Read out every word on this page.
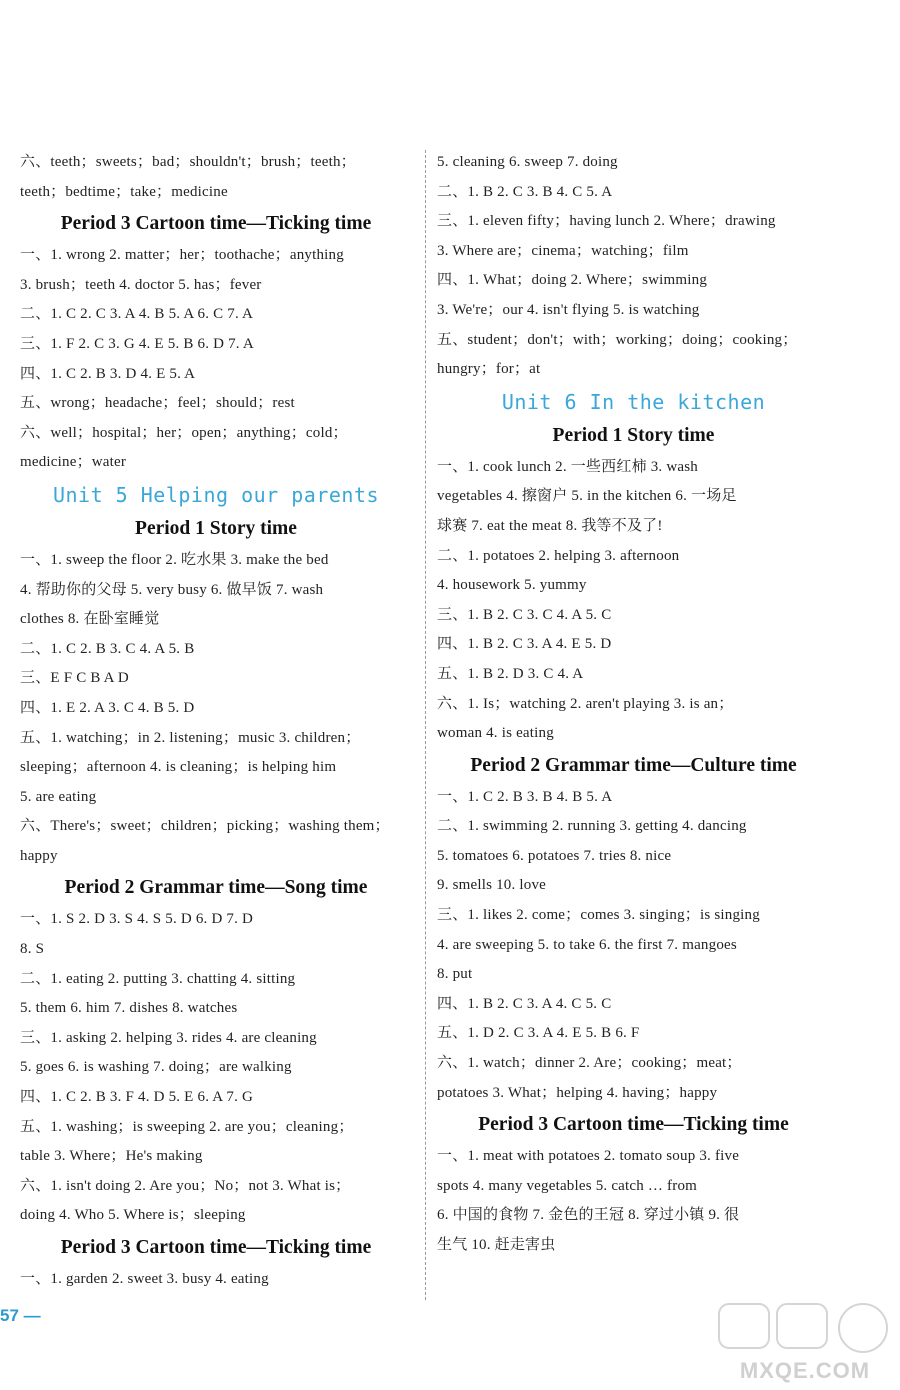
六、teeth；sweets；bad；shouldn't；brush；teeth；
teeth；bedtime；take；medicine
Period 3 Cartoon time—Ticking time
一、1. wrong 2. matter；her；toothache；anything
3. brush；teeth 4. doctor 5. has；fever
二、1. C 2. C 3. A 4. B 5. A 6. C 7. A
三、1. F 2. C 3. G 4. E 5. B 6. D 7. A
四、1. C 2. B 3. D 4. E 5. A
五、wrong；headache；feel；should；rest
六、well；hospital；her；open；anything；cold；
medicine；water
Unit 5 Helping our parents
Period 1 Story time
一、1. sweep the floor 2. 吃水果 3. make the bed
4. 帮助你的父母 5. very busy 6. 做早饭 7. wash
clothes 8. 在卧室睡觉
二、1. C 2. B 3. C 4. A 5. B
三、E F C B A D
四、1. E 2. A 3. C 4. B 5. D
五、1. watching；in 2. listening；music 3. children；
sleeping；afternoon 4. is cleaning；is helping him
5. are eating
六、There's；sweet；children；picking；washing them；
happy
Period 2 Grammar time—Song time
一、1. S 2. D 3. S 4. S 5. D 6. D 7. D
8. S
二、1. eating 2. putting 3. chatting 4. sitting
5. them 6. him 7. dishes 8. watches
三、1. asking 2. helping 3. rides 4. are cleaning
5. goes 6. is washing 7. doing；are walking
四、1. C 2. B 3. F 4. D 5. E 6. A 7. G
五、1. washing；is sweeping 2. are you；cleaning；
table 3. Where；He's making
六、1. isn't doing 2. Are you；No；not 3. What is；
doing 4. Who 5. Where is；sleeping
Period 3 Cartoon time—Ticking time
一、1. garden 2. sweet 3. busy 4. eating
5. cleaning 6. sweep 7. doing
二、1. B 2. C 3. B 4. C 5. A
三、1. eleven fifty；having lunch 2. Where；drawing
3. Where are；cinema；watching；film
四、1. What；doing 2. Where；swimming
3. We're；our 4. isn't flying 5. is watching
五、student；don't；with；working；doing；cooking；
hungry；for；at
Unit 6 In the kitchen
Period 1 Story time
一、1. cook lunch 2. 一些西红柿 3. wash
vegetables 4. 擦窗户 5. in the kitchen 6. 一场足
球赛 7. eat the meat 8. 我等不及了!
二、1. potatoes 2. helping 3. afternoon
4. housework 5. yummy
三、1. B 2. C 3. C 4. A 5. C
四、1. B 2. C 3. A 4. E 5. D
五、1. B 2. D 3. C 4. A
六、1. Is；watching 2. aren't playing 3. is an；
woman 4. is eating
Period 2 Grammar time—Culture time
一、1. C 2. B 3. B 4. B 5. A
二、1. swimming 2. running 3. getting 4. dancing
5. tomatoes 6. potatoes 7. tries 8. nice
9. smells 10. love
三、1. likes 2. come；comes 3. singing；is singing
4. are sweeping 5. to take 6. the first 7. mangoes
8. put
四、1. B 2. C 3. A 4. C 5. C
五、1. D 2. C 3. A 4. E 5. B 6. F
六、1. watch；dinner 2. Are；cooking；meat；
potatoes 3. What；helping 4. having；happy
Period 3 Cartoon time—Ticking time
一、1. meat with potatoes 2. tomato soup 3. five
spots 4. many vegetables 5. catch … from
6. 中国的食物 7. 金色的王冠 8. 穿过小镇 9. 很
生气 10. 赶走害虫
57 —
MXQE.COM
